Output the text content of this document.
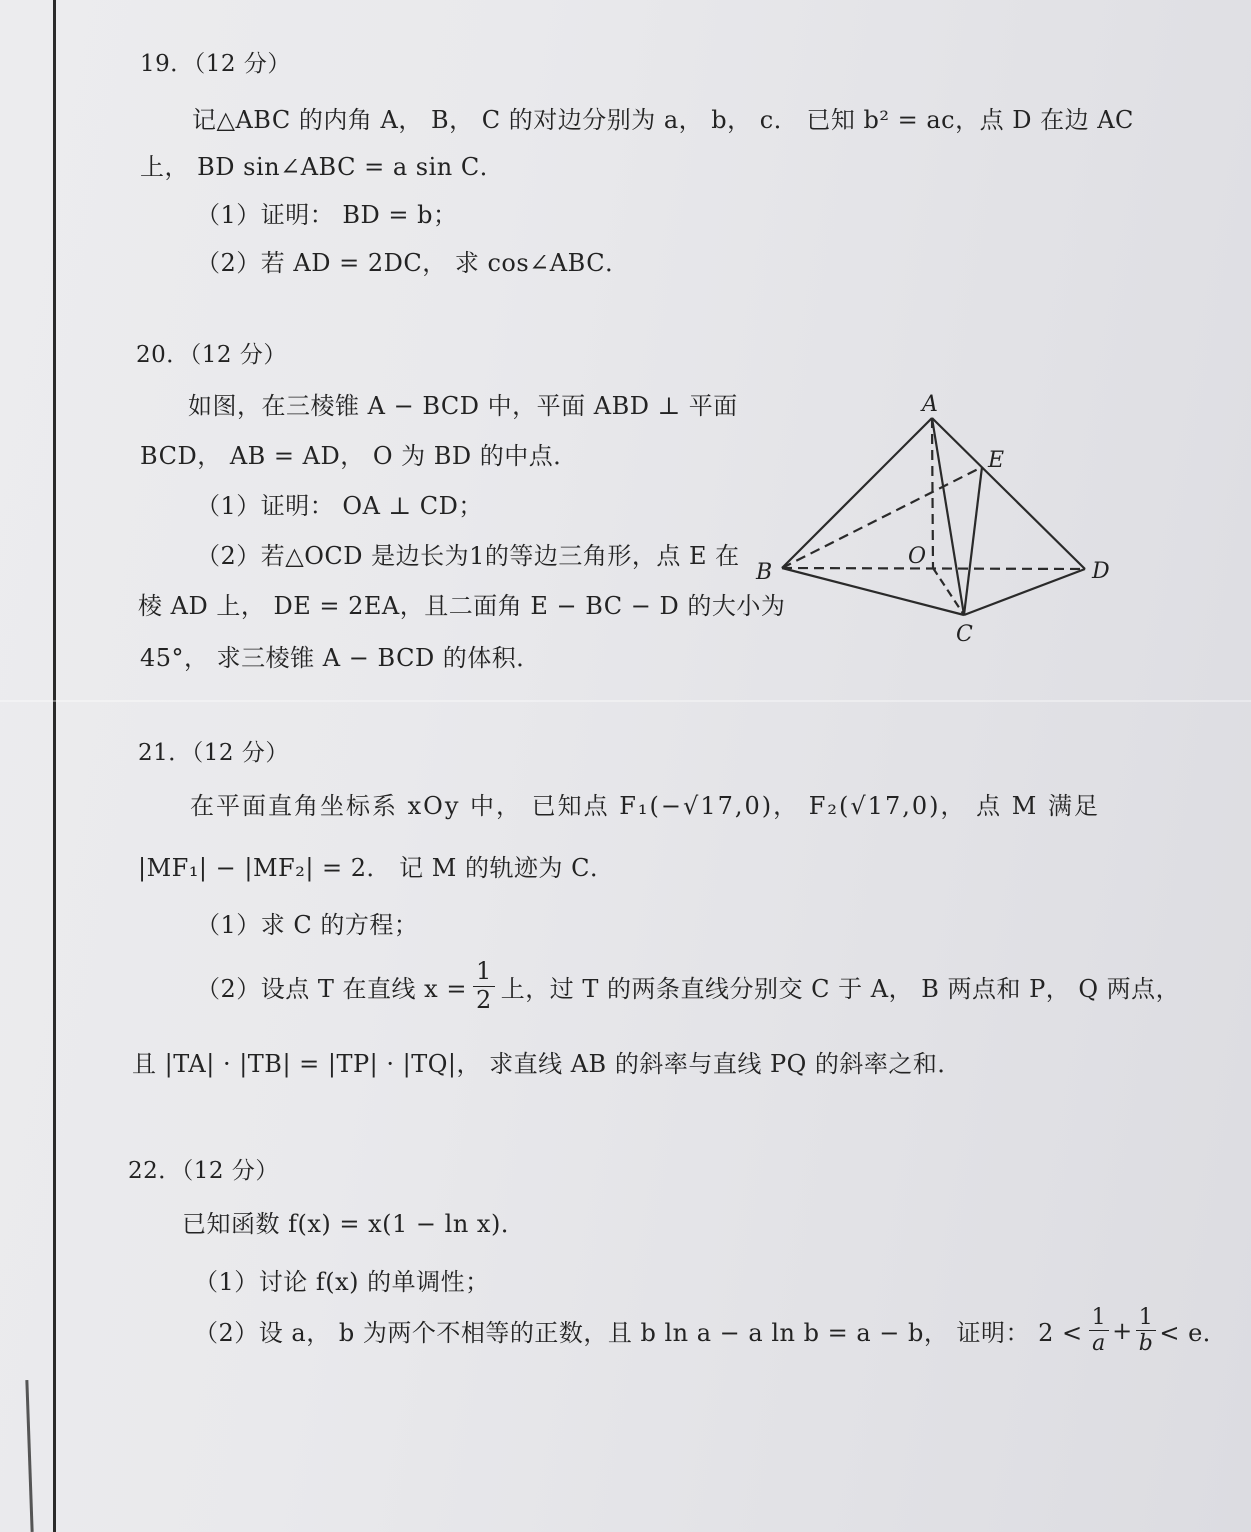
19．（12 分）
记△ABC 的内角 A， B， C 的对边分别为 a， b， c． 已知 b² = ac，点 D 在边 AC
上， BD sin∠ABC = a sin C．
（1）证明： BD = b；
（2）若 AD = 2DC， 求 cos∠ABC．
20．（12 分）
如图，在三棱锥 A − BCD 中，平面 ABD ⊥ 平面
BCD， AB = AD， O 为 BD 的中点．
（1）证明： OA ⊥ CD；
（2）若△OCD 是边长为1的等边三角形，点 E 在
棱 AD 上， DE = 2EA，且二面角 E − BC − D 的大小为
45°， 求三棱锥 A − BCD 的体积．
A
B
C
D
E
O
21．（12 分）
在平面直角坐标系 xOy 中， 已知点 F₁(−√17,0)， F₂(√17,0)， 点 M 满足
|MF₁| − |MF₂| = 2． 记 M 的轨迹为 C．
（1）求 C 的方程；
（2）设点 T 在直线 $x = \frac{1}{2}$ 上，过 T 的两条直线分别交 C 于 A， B 两点和 P， Q 两点，
且 |TA| · |TB| = |TP| · |TQ|， 求直线 AB 的斜率与直线 PQ 的斜率之和．
22．（12 分）
已知函数 f(x) = x(1 − ln x)．
（1）讨论 f(x) 的单调性；
（2）设 a， b 为两个不相等的正数，且 b ln a − a ln b = a − b， 证明： $2 < \frac{1}{a} + \frac{1}{b} < e$．
